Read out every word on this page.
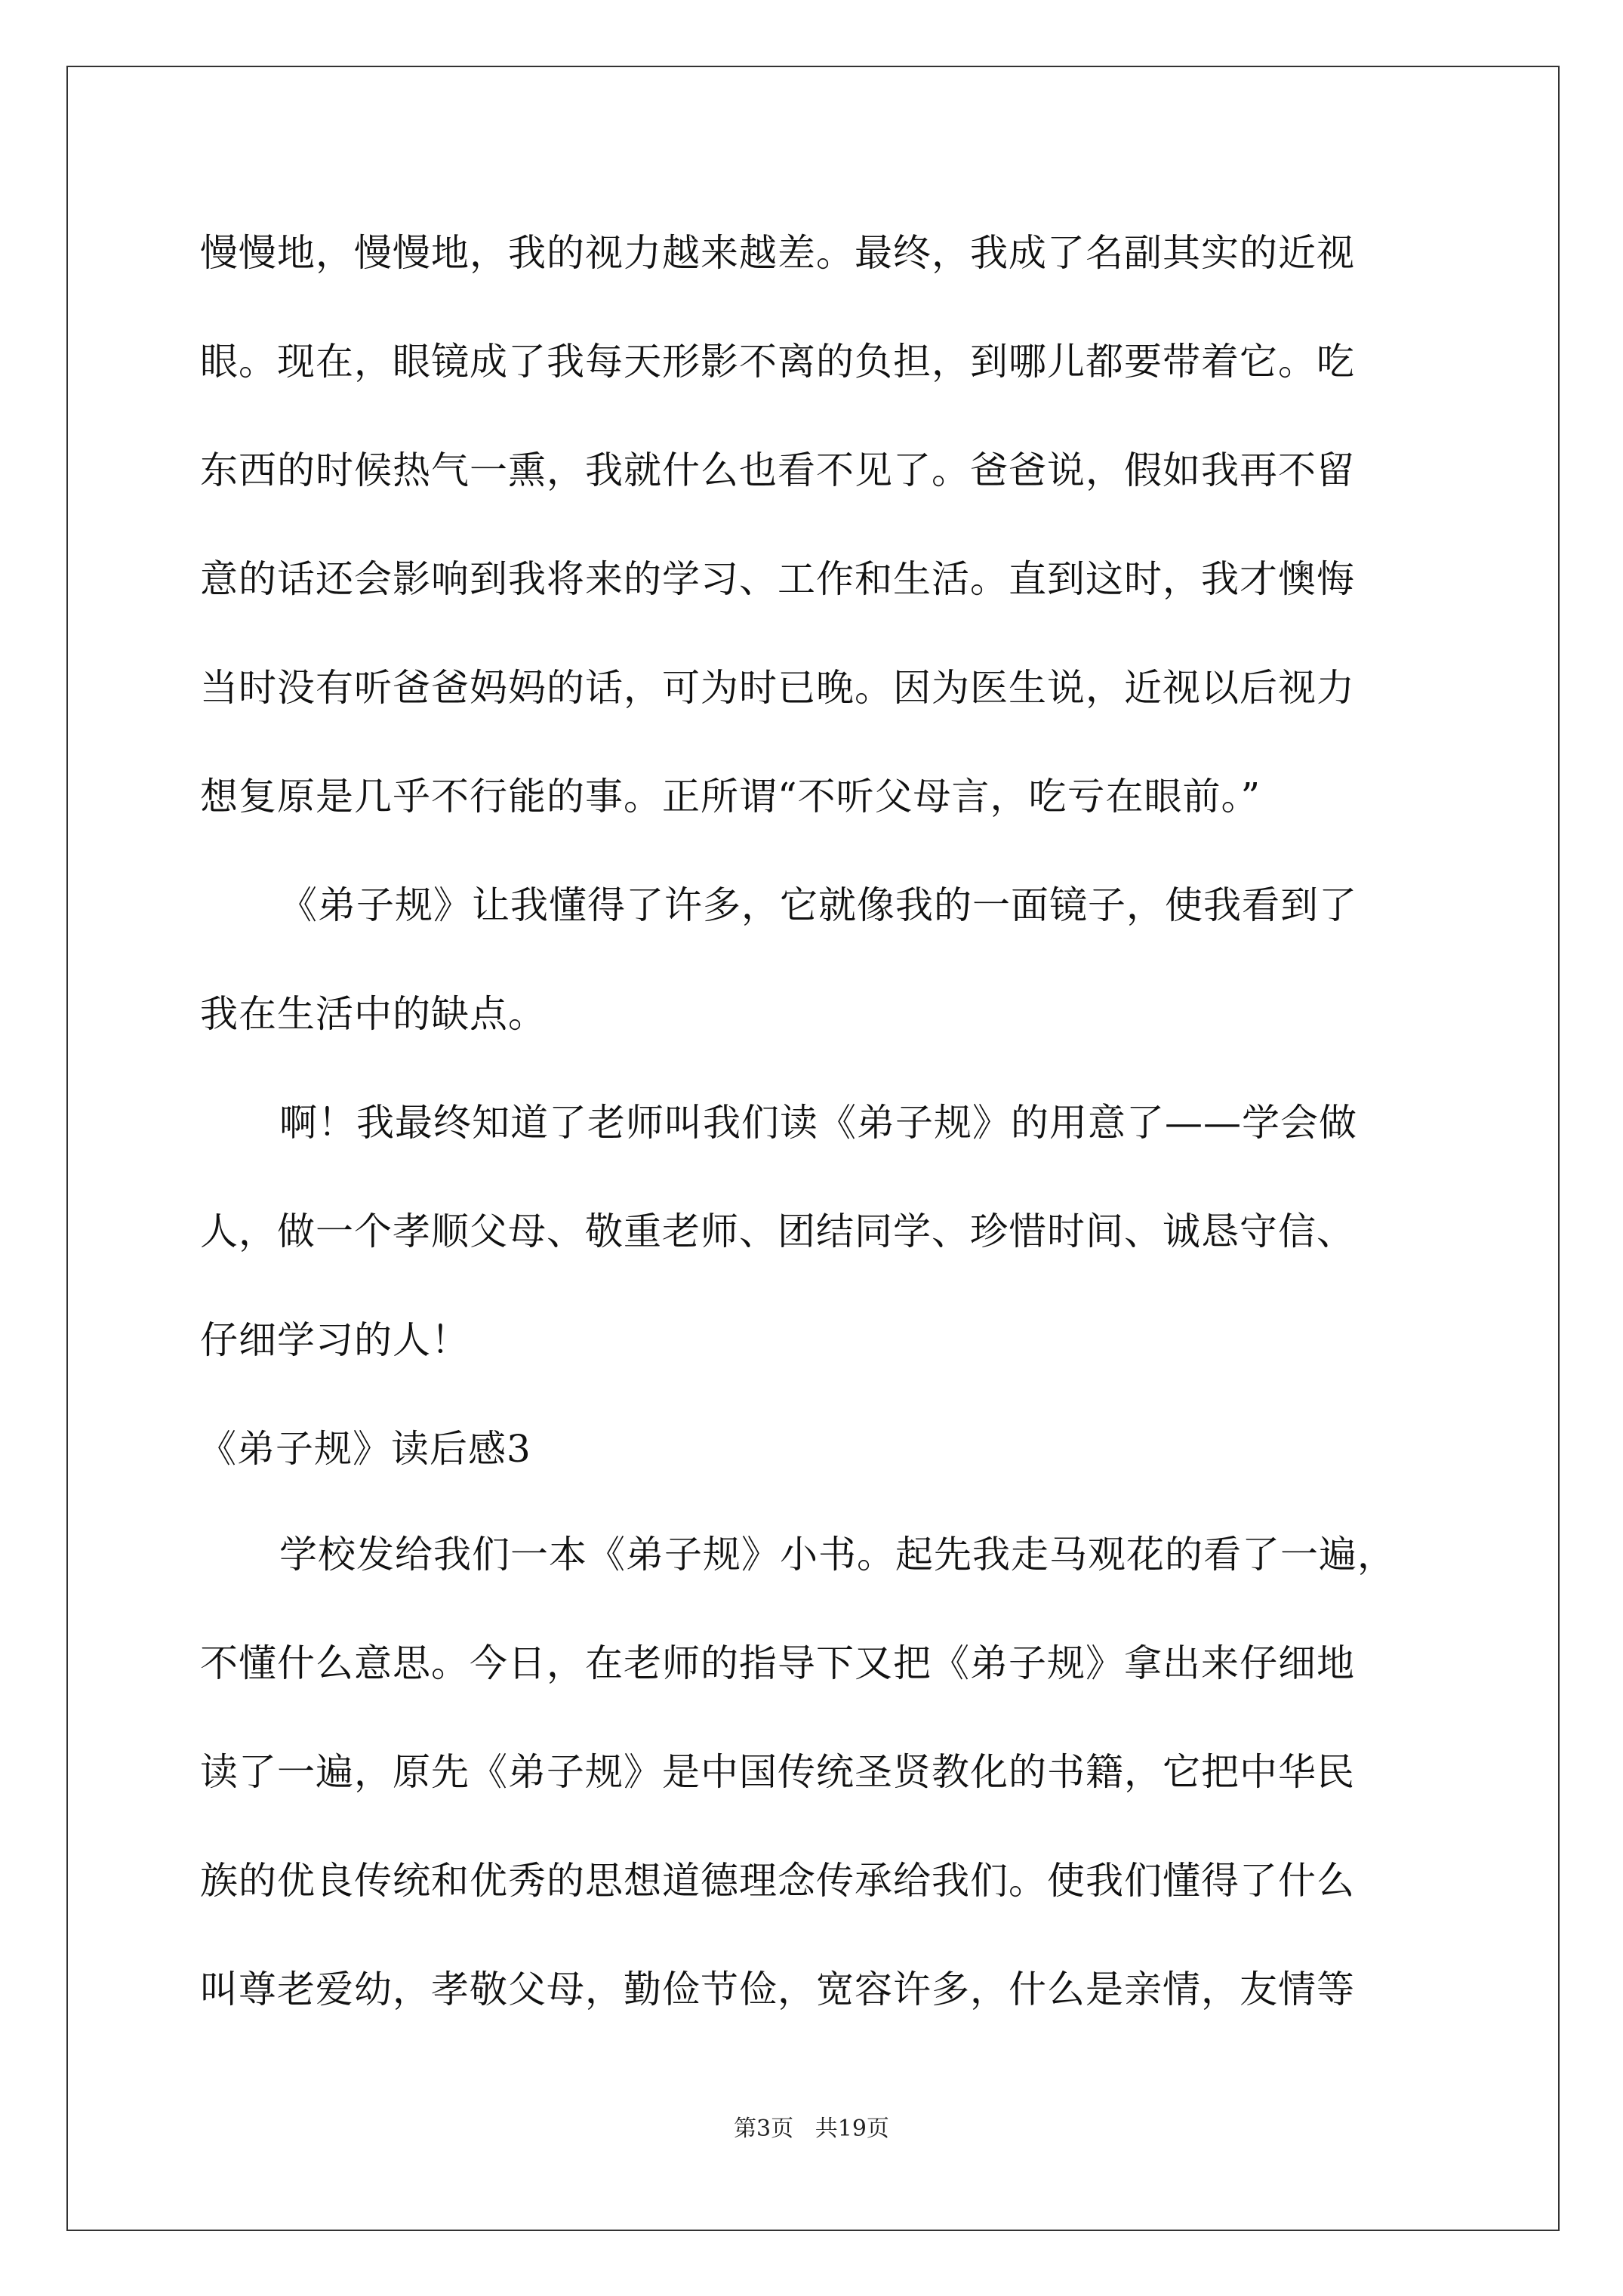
慢慢地，慢慢地，我的视力越来越差。最终，我成了名副其实的近视
眼。现在，眼镜成了我每天形影不离的负担，到哪儿都要带着它。吃
东西的时候热气一熏，我就什么也看不见了。爸爸说，假如我再不留
意的话还会影响到我将来的学习、工作和生活。直到这时，我才懊悔
当时没有听爸爸妈妈的话，可为时已晚。因为医生说，近视以后视力
想复原是几乎不行能的事。正所谓“不听父母言，吃亏在眼前。”
《弟子规》让我懂得了许多，它就像我的一面镜子，使我看到了
我在生活中的缺点。
啊！我最终知道了老师叫我们读《弟子规》的用意了——学会做
人，做一个孝顺父母、敬重老师、团结同学、珍惜时间、诚恳守信、
仔细学习的人！
《弟子规》读后感3
学校发给我们一本《弟子规》小书。起先我走马观花的看了一遍，
不懂什么意思。今日，在老师的指导下又把《弟子规》拿出来仔细地
读了一遍，原先《弟子规》是中国传统圣贤教化的书籍，它把中华民
族的优良传统和优秀的思想道德理念传承给我们。使我们懂得了什么
叫尊老爱幼，孝敬父母，勤俭节俭，宽容许多，什么是亲情，友情等
第3页   共19页
